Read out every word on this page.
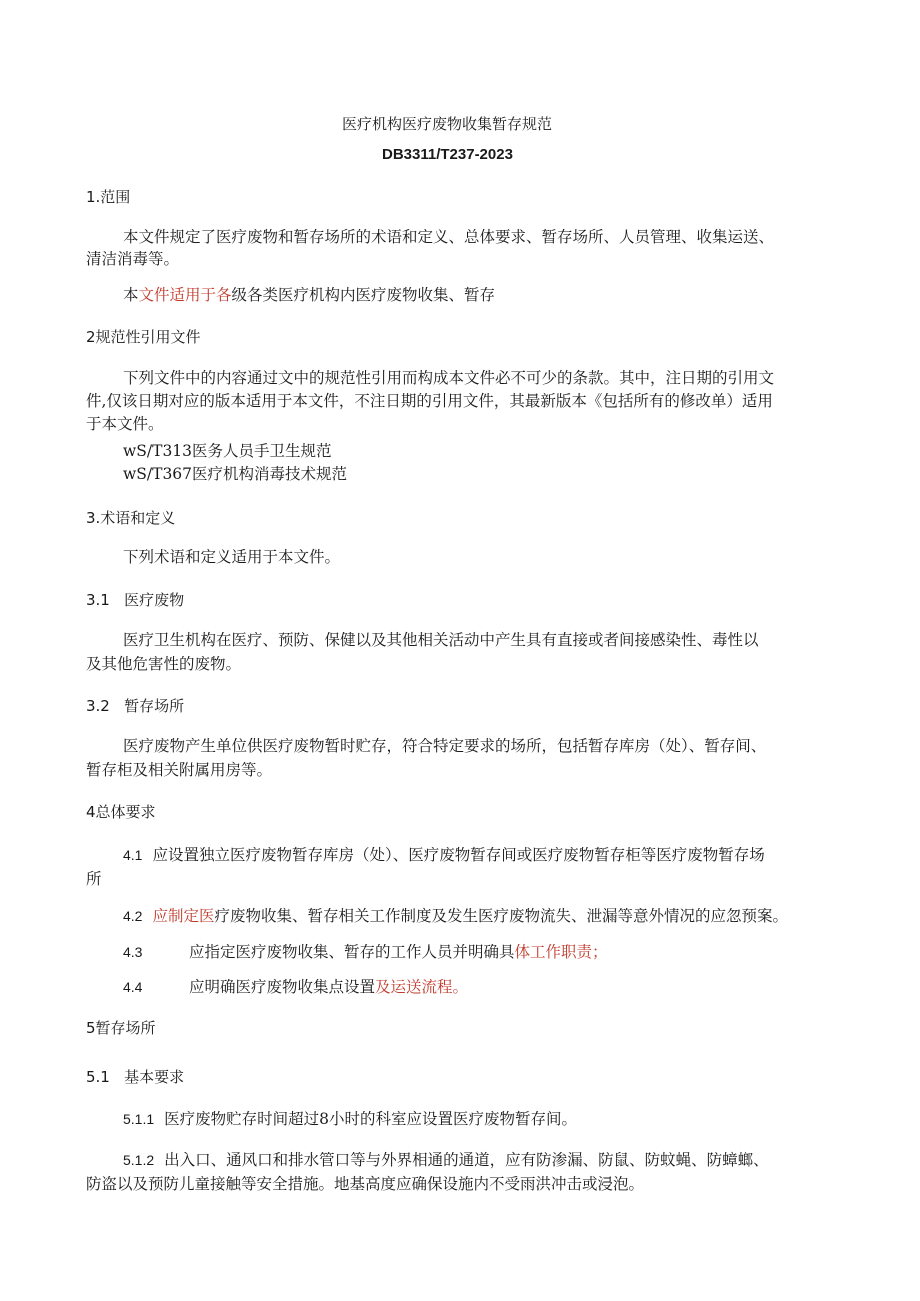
医疗机构医疗废物收集暂存规范
DB3311/T237-2023
1.范围
本文件规定了医疗废物和暂存场所的术语和定义、总体要求、暂存场所、人员管理、收集运送、
清洁消毒等。
本文件适用于各级各类医疗机构内医疗废物收集、暂存
2规范性引用文件
下列文件中的内容通过文中的规范性引用而构成本文件必不可少的条款。其中，注日期的引用文
件,仅该日期对应的版本适用于本文件，不注日期的引用文件，其最新版本《包括所有的修改单）适用
于本文件。
wS/T313医务人员手卫生规范
wS/T367医疗机构消毒技术规范
3.术语和定义
下列术语和定义适用于本文件。
3.1   医疗废物
医疗卫生机构在医疗、预防、保健以及其他相关活动中产生具有直接或者间接感染性、毒性以
及其他危害性的废物。
3.2   暂存场所
医疗废物产生单位供医疗废物暂时贮存，符合特定要求的场所，包括暂存库房（处）、暂存间、
暂存柜及相关附属用房等。
4总体要求
4.1 应设置独立医疗废物暂存库房（处）、医疗废物暂存间或医疗废物暂存柜等医疗废物暂存场
所
4.2 应制定医疗废物收集、暂存相关工作制度及发生医疗废物流失、泄漏等意外情况的应忽预案。
4.3	应指定医疗废物收集、暂存的工作人员并明确具体工作职责；
4.4	应明确医疗废物收集点设置及运送流程。
5暂存场所
5.1   基本要求
5.1.1 医疗废物贮存时间超过8小时的科室应设置医疗废物暂存间。
5.1.2 出入口、通风口和排水管口等与外界相通的通道，应有防渗漏、防鼠、防蚊蝇、防蟑螂、
防盗以及预防儿童接触等安全措施。地基高度应确保设施内不受雨洪冲击或浸泡。
